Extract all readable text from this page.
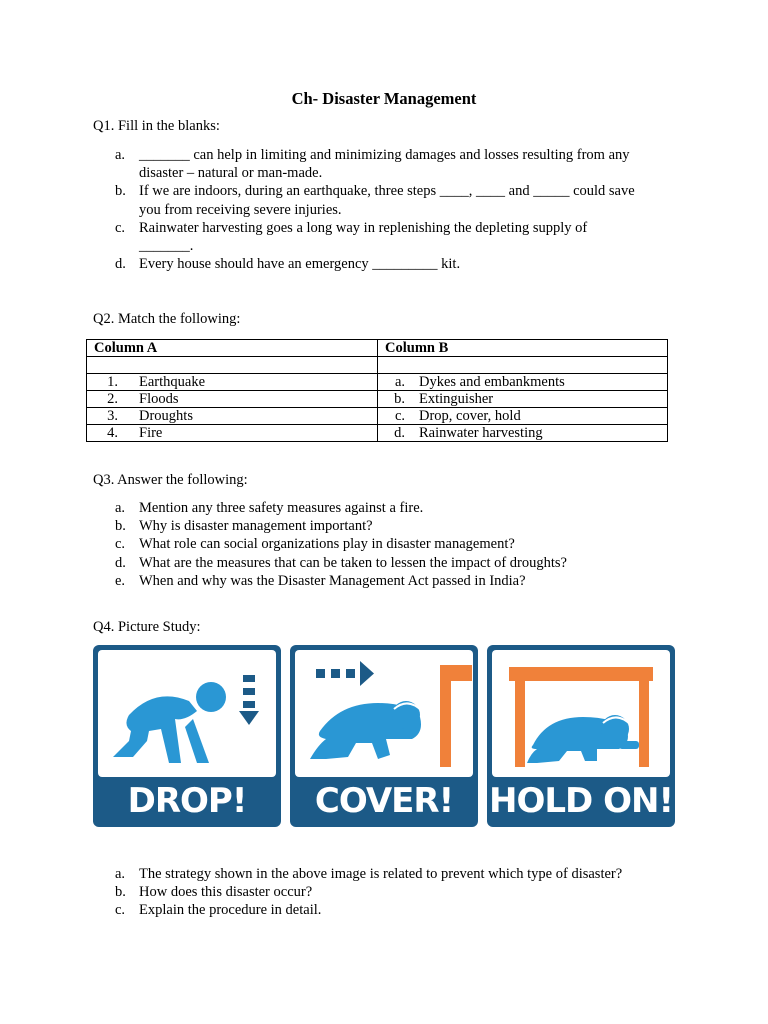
Ch- Disaster Management
Q1. Fill in the blanks:
a. _______ can help in limiting and minimizing damages and losses resulting from any
disaster – natural or man-made.
b. If we are indoors, during an earthquake, three steps ____, ____ and _____ could save
you from receiving severe injuries.
c. Rainwater harvesting goes a long way in replenishing the depleting supply of
_______.
d. Every house should have an emergency _________ kit.
Q2. Match the following:
Column A	Column B

1. Earthquake	a. Dykes and embankments
2. Floods	b. Extinguisher
3. Droughts	c. Drop, cover, hold
4. Fire	d. Rainwater harvesting
Q3. Answer the following:
a. Mention any three safety measures against a fire.
b. Why is disaster management important?
c. What role can social organizations play in disaster management?
d. What are the measures that can be taken to lessen the impact of droughts?
e. When and why was the Disaster Management Act passed in India?
Q4. Picture Study:
DROP!	COVER!	HOLD ON!
a. The strategy shown in the above image is related to prevent which type of disaster?
b. How does this disaster occur?
c. Explain the procedure in detail.
